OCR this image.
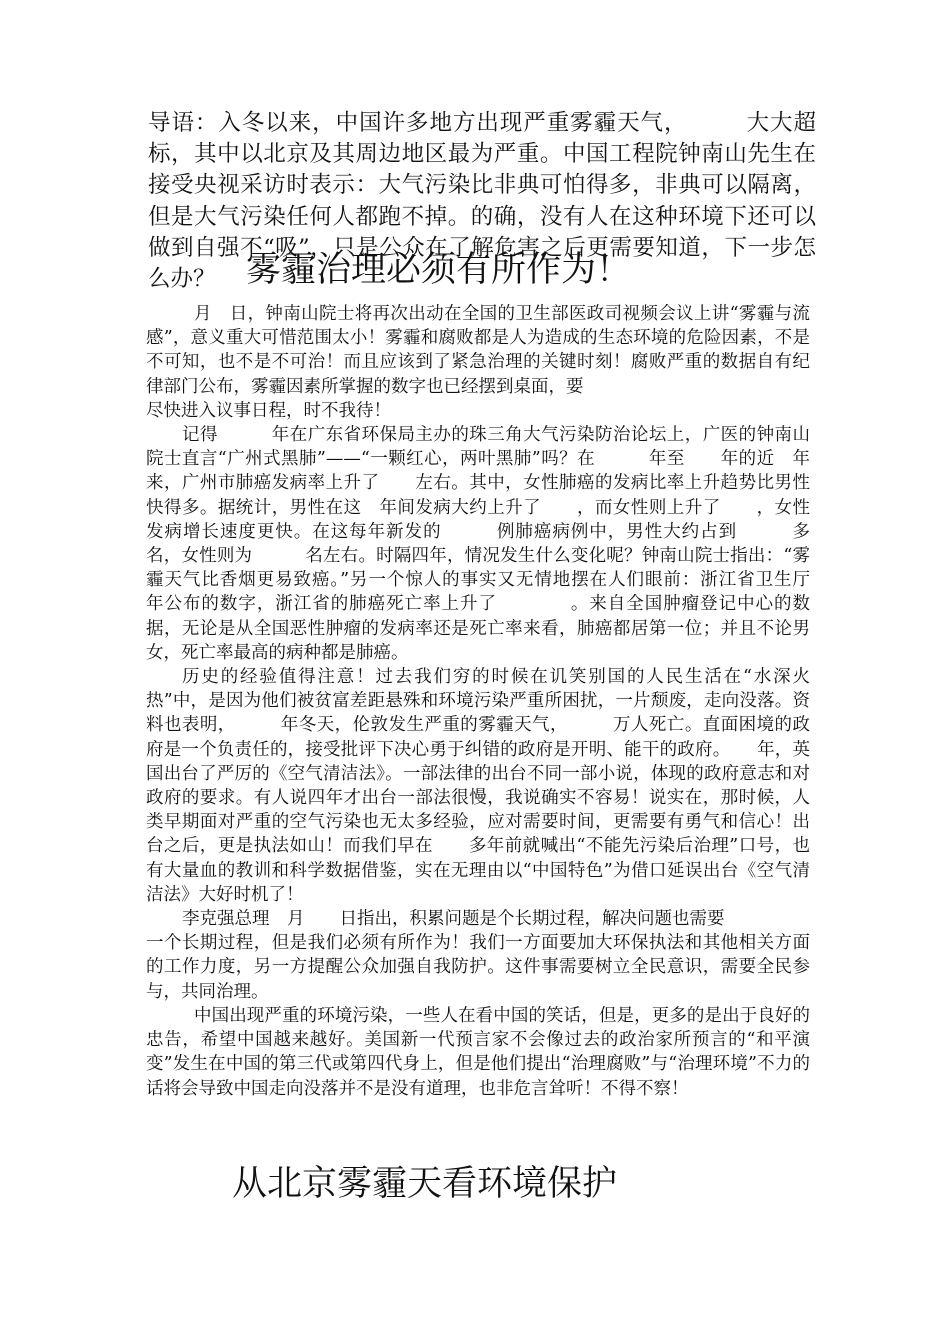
导语：入冬以来，中国许多地方出现严重雾霾天气，　　　大大超标，其中以北京及其周边地区最为严重。中国工程院钟南山先生在接受央视采访时表示：大气污染比非典可怕得多，非典可以隔离，但是大气污染任何人都跑不掉。的确，没有人在这种环境下还可以做到自强不“吸”，只是公众在了解危害之后更需要知道，下一步怎么办？ 雾霾治理必须有所作为！

月　日，钟南山院士将再次出动在全国的卫生部医政司视频会议上讲“雾霾与流感”，意义重大可惜范围太小！雾霾和腐败都是人为造成的生态环境的危险因素，不是不可知，也不是不可治！而且应该到了紧急治理的关键时刻！腐败严重的数据自有纪律部门公布，雾霾因素所掌握的数字也已经摆到桌面，要

尽快进入议事日程，时不我待！

记得　　　年在广东省环保局主办的珠三角大气污染防治论坛上，广医的钟南山院士直言“广州式黑肺”——“一颗红心，两叶黑肺”吗？在　　　年至　　年的近　年来，广州市肺癌发病率上升了　　左右。其中，女性肺癌的发病比率上升趋势比男性快得多。据统计，男性在这　年间发病大约上升了　　，而女性则上升了　　，女性发病增长速度更快。在这每年新发的　　　例肺癌病例中，男性大约占到　　　多名，女性则为　　　名左右。时隔四年，情况发生什么变化呢？钟南山院士指出：“雾霾天气比香烟更易致癌。”另一个惊人的事实又无情地摆在人们眼前：浙江省卫生厅　　　年公布的数字，浙江省的肺癌死亡率上升了　　　　。来自全国肿瘤登记中心的数据，无论是从全国恶性肿瘤的发病率还是死亡率来看，肺癌都居第一位；并且不论男女，死亡率最高的病种都是肺癌。

历史的经验值得注意！过去我们穷的时候在讥笑别国的人民生活在“水深火热”中，是因为他们被贫富差距悬殊和环境污染严重所困扰，一片颓废，走向没落。资料也表明，　　　年冬天，伦敦发生严重的雾霾天气，　　　万人死亡。直面困境的政府是一个负责任的，接受批评下决心勇于纠错的政府是开明、能干的政府。　　年，英国出台了严厉的《空气清洁法》。一部法律的出台不同一部小说，体现的政府意志和对政府的要求。有人说四年才出台一部法很慢，我说确实不容易！说实在，那时候，人类早期面对严重的空气污染也无太多经验，应对需要时间，更需要有勇气和信心！出台之后，更是执法如山！而我们早在　　多年前就喊出“不能先污染后治理”口号，也有大量血的教训和科学数据借鉴，实在无理由以“中国特色”为借口延误出台《空气清洁法》大好时机了！

李克强总理　月　　日指出，积累问题是个长期过程，解决问题也需要

一个长期过程，但是我们必须有所作为！我们一方面要加大环保执法和其他相关方面的工作力度，另一方提醒公众加强自我防护。这件事需要树立全民意识，需要全民参与，共同治理。

中国出现严重的环境污染，一些人在看中国的笑话，但是，更多的是出于良好的忠告，希望中国越来越好。美国新一代预言家不会像过去的政治家所预言的“和平演变”发生在中国的第三代或第四代身上，但是他们提出“治理腐败”与“治理环境”不力的话将会导致中国走向没落并不是没有道理，也非危言耸听！不得不察！

从北京雾霾天看环境保护
